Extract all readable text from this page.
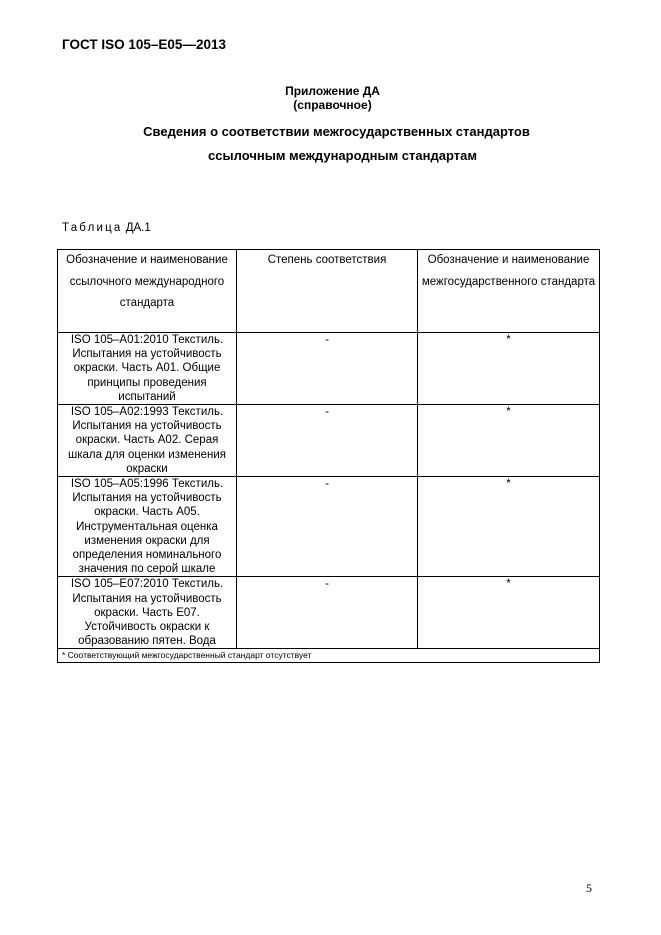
ГОСТ ISO 105–E05—2013
Приложение ДА
(справочное)
Сведения о соответствии межгосударственных стандартов
ссылочным международным стандартам
Таблица ДА.1
Обозначение и наименование ссылочного международного стандарта	Степень соответствия	Обозначение и наименование межгосударственного стандарта
ISO 105–A01:2010 Текстиль. Испытания на устойчивость окраски. Часть A01. Общие принципы проведения испытаний	-	*
ISO 105–A02:1993 Текстиль. Испытания на устойчивость окраски. Часть A02. Серая шкала для оценки изменения окраски	-	*
ISO 105–A05:1996 Текстиль. Испытания на устойчивость окраски. Часть A05. Инструментальная оценка изменения окраски для определения номинального значения по серой шкале	-	*
ISO 105–E07:2010 Текстиль. Испытания на устойчивость окраски. Часть E07. Устойчивость окраски к образованию пятен. Вода	-	*
* Соответствующий межгосударственный стандарт отсутствует		
5
